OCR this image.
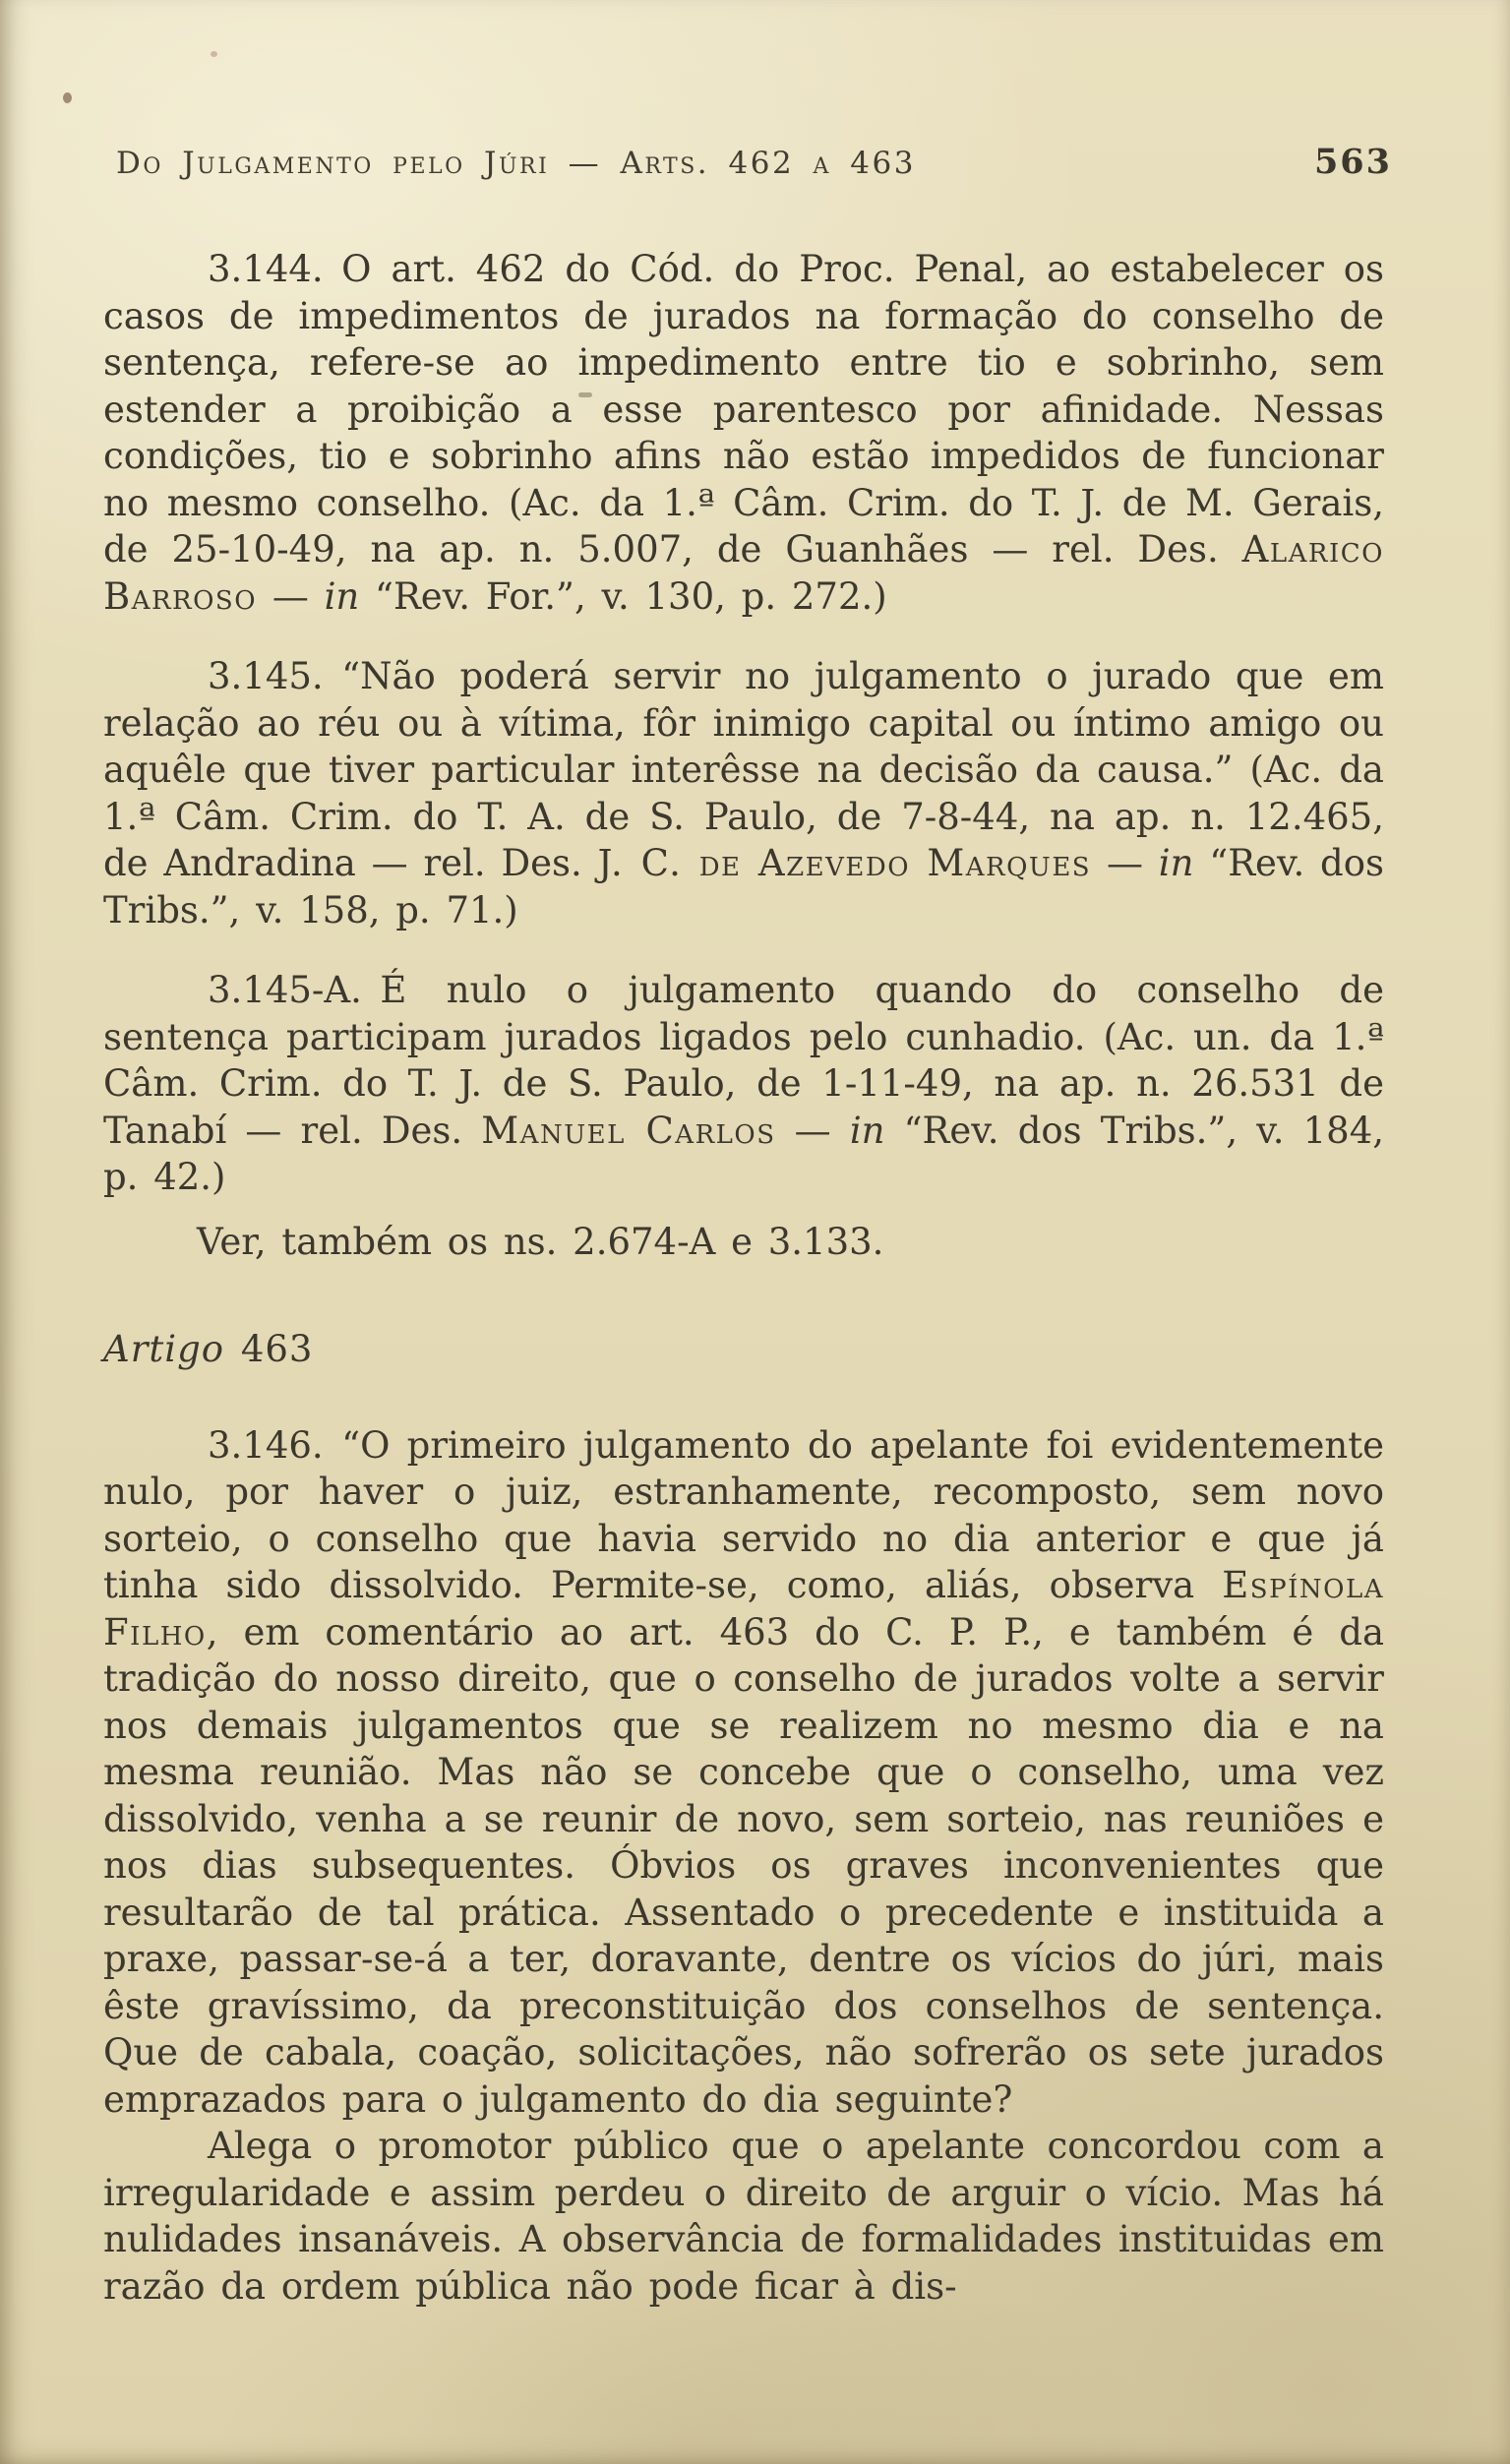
Do Julgamento pelo Júri — Arts. 462 a 463	563
3.144. O art. 462 do Cód. do Proc. Penal, ao estabelecer os casos de impedimentos de jurados na formação do conselho de sentença, refere-se ao impedimento entre tio e sobrinho, sem estender a proibição a esse parentesco por afinidade. Nessas condições, tio e sobrinho afins não estão impedidos de funcionar no mesmo conselho. (Ac. da 1.ª Câm. Crim. do T. J. de M. Gerais, de 25-10-49, na ap. n. 5.007, de Guanhães — rel. Des. Alarico Barroso — in “Rev. For.”, v. 130, p. 272.)
3.145. “Não poderá servir no julgamento o jurado que em relação ao réu ou à vítima, fôr inimigo capital ou íntimo amigo ou aquêle que tiver particular interêsse na decisão da causa.” (Ac. da 1.ª Câm. Crim. do T. A. de S. Paulo, de 7-8-44, na ap. n. 12.465, de Andradina — rel. Des. J. C. de Azevedo Marques — in “Rev. dos Tribs.”, v. 158, p. 71.)
3.145-A. É nulo o julgamento quando do conselho de sentença participam jurados ligados pelo cunhadio. (Ac. un. da 1.ª Câm. Crim. do T. J. de S. Paulo, de 1-11-49, na ap. n. 26.531 de Tanabí — rel. Des. Manuel Carlos — in “Rev. dos Tribs.”, v. 184, p. 42.)
Ver, também os ns. 2.674-A e 3.133.
Artigo 463
3.146. “O primeiro julgamento do apelante foi evidentemente nulo, por haver o juiz, estranhamente, recomposto, sem novo sorteio, o conselho que havia servido no dia anterior e que já tinha sido dissolvido. Permite-se, como, aliás, observa Espínola Filho, em comentário ao art. 463 do C. P. P., e também é da tradição do nosso direito, que o conselho de jurados volte a servir nos demais julgamentos que se realizem no mesmo dia e na mesma reunião. Mas não se concebe que o conselho, uma vez dissolvido, venha a se reunir de novo, sem sorteio, nas reuniões e nos dias subsequentes. Óbvios os graves inconvenientes que resultarão de tal prática. Assentado o precedente e instituida a praxe, passar-se-á a ter, doravante, dentre os vícios do júri, mais êste gravíssimo, da preconstituição dos conselhos de sentença. Que de cabala, coação, solicitações, não sofrerão os sete jurados emprazados para o julgamento do dia seguinte?
Alega o promotor público que o apelante concordou com a irregularidade e assim perdeu o direito de arguir o vício. Mas há nulidades insanáveis. A observância de formalidades instituidas em razão da ordem pública não pode ficar à dis-
